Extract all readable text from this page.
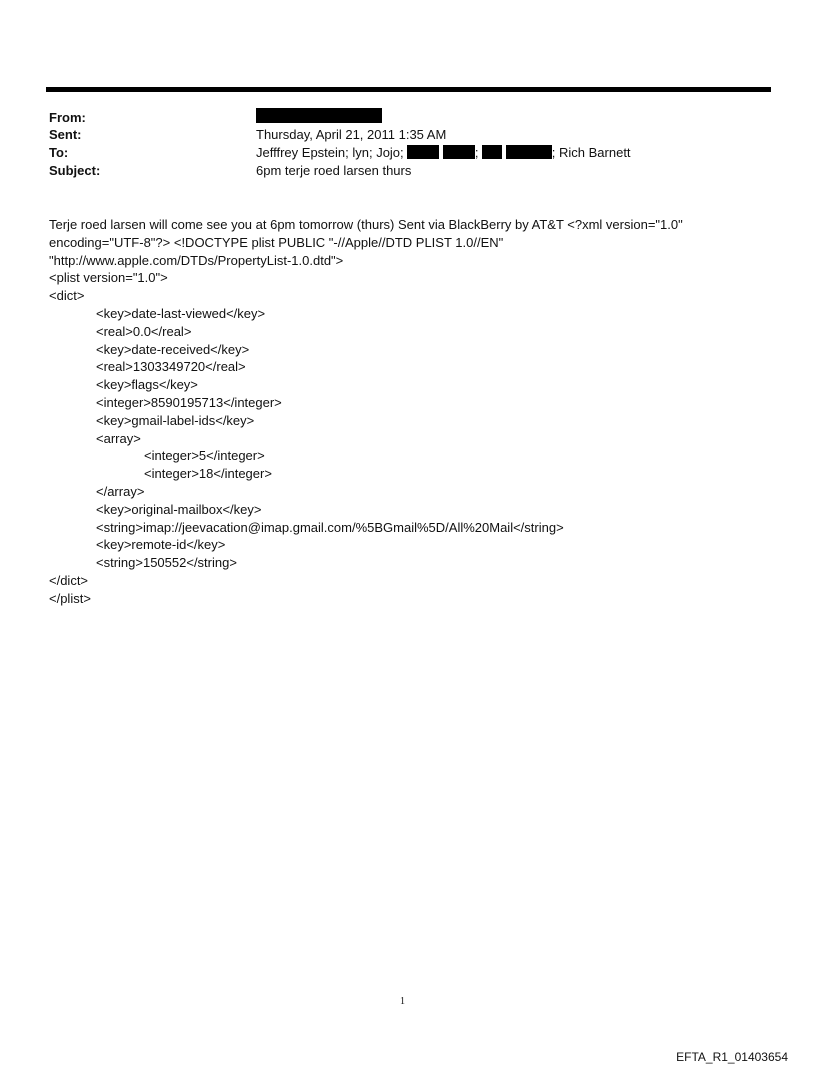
From:
Sent:	Thursday, April 21, 2011 1:35 AM
To:	Jefffrey Epstein; lyn; Jojo;	;	; Rich Barnett
Subject:	6pm terje roed larsen thurs

Terje roed larsen will come see you at 6pm tomorrow (thurs) Sent via BlackBerry by AT&T <?xml version="1.0"

encoding="UTF-8"?> <!DOCTYPE plist PUBLIC "-//Apple//DTD PLIST 1.0//EN"

"http://www.apple.com/DTDs/PropertyList-1.0.dtd">

<plist version="1.0">

<dict>

<key>date-last-viewed</key>

<real>0.0</real>

<key>date-received</key>

<real>1303349720</real>

<key>flags</key>

<integer>8590195713</integer>

<key>gmail-label-ids</key>

<array>

<integer>5</integer>

<integer>18</integer>

</array>

<key>original-mailbox</key>

<string>imap://jeevacation@imap.gmail.com/%5BGmail%5D/All%20Mail</string>

<key>remote-id</key>

<string>150552</string>

</dict>

</plist>

1
EFTA_R1_01403654
